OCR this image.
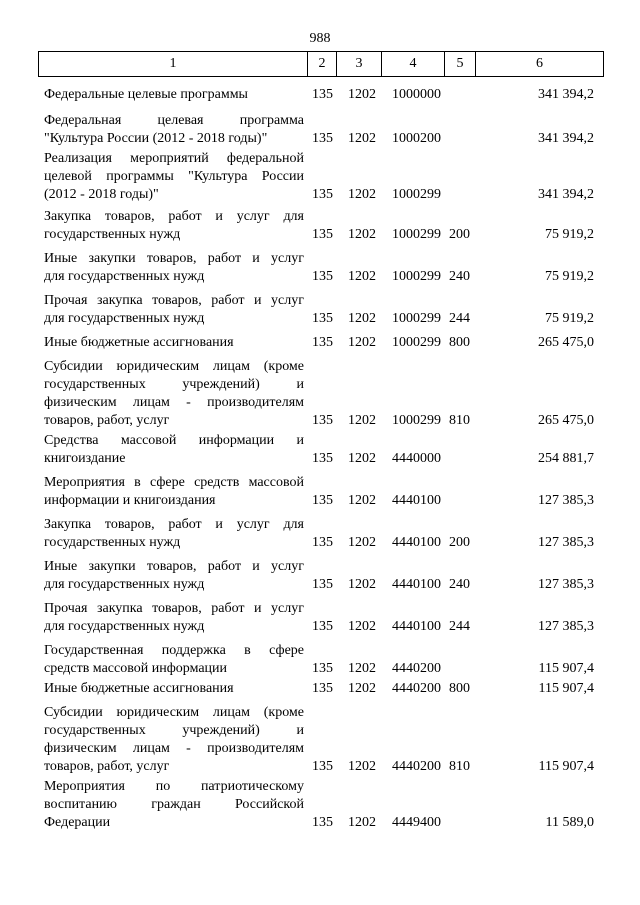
988
1	2	3	4	5	6
Федеральные целевые программы	135 1202 1000000	341 394,2
Федеральная целевая программа
"Культура России (2012 - 2018 годы)"	135 1202 1000200	341 394,2
Реализация мероприятий федеральной
целевой программы "Культура России
(2012 - 2018 годы)"	135 1202 1000299	341 394,2
Закупка товаров, работ и услуг для
государственных нужд	135 1202 1000299 200	75 919,2
Иные закупки товаров, работ и услуг
для государственных нужд	135 1202 1000299 240	75 919,2
Прочая закупка товаров, работ и услуг
для государственных нужд	135 1202 1000299 244	75 919,2
Иные бюджетные ассигнования	135 1202 1000299 800	265 475,0
Субсидии юридическим лицам (кроме
государственных учреждений) и
физическим лицам - производителям
товаров, работ, услуг	135 1202 1000299 810	265 475,0
Средства массовой информации и
книгоиздание	135 1202 4440000	254 881,7
Мероприятия в сфере средств массовой
информации и книгоиздания	135 1202 4440100	127 385,3
Закупка товаров, работ и услуг для
государственных нужд	135 1202 4440100 200	127 385,3
Иные закупки товаров, работ и услуг
для государственных нужд	135 1202 4440100 240	127 385,3
Прочая закупка товаров, работ и услуг
для государственных нужд	135 1202 4440100 244	127 385,3
Государственная поддержка в сфере
средств массовой информации	135 1202 4440200	115 907,4
Иные бюджетные ассигнования	135 1202 4440200 800	115 907,4
Субсидии юридическим лицам (кроме
государственных учреждений) и
физическим лицам - производителям
товаров, работ, услуг	135 1202 4440200 810	115 907,4
Мероприятия по патриотическому
воспитанию граждан Российской
Федерации	135 1202 4449400	11 589,0
